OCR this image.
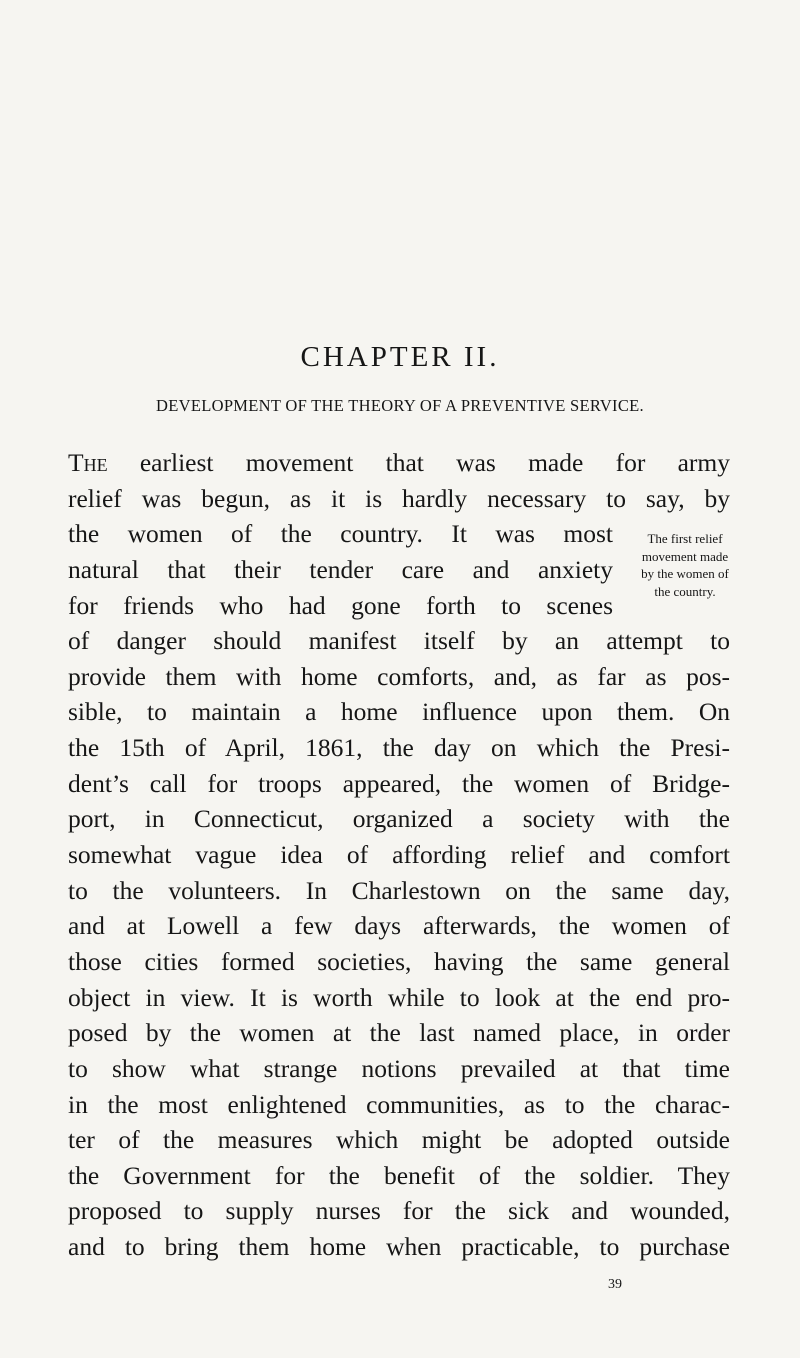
CHAPTER II.
DEVELOPMENT OF THE THEORY OF A PREVENTIVE SERVICE.
The earliest movement that was made for army
relief was begun, as it is hardly necessary to say, by
the women of the country. It was most
natural that their tender care and anxiety
for friends who had gone forth to scenes
of danger should manifest itself by an attempt to
provide them with home comforts, and, as far as pos-
sible, to maintain a home influence upon them. On
the 15th of April, 1861, the day on which the Presi-
dent’s call for troops appeared, the women of Bridge-
port, in Connecticut, organized a society with the
somewhat vague idea of affording relief and comfort
to the volunteers. In Charlestown on the same day,
and at Lowell a few days afterwards, the women of
those cities formed societies, having the same general
object in view. It is worth while to look at the end pro-
posed by the women at the last named place, in order
to show what strange notions prevailed at that time
in the most enlightened communities, as to the charac-
ter of the measures which might be adopted outside
the Government for the benefit of the soldier. They
proposed to supply nurses for the sick and wounded,
and to bring them home when practicable, to purchase
The first relief
movement made
by the women of
the country.
39
